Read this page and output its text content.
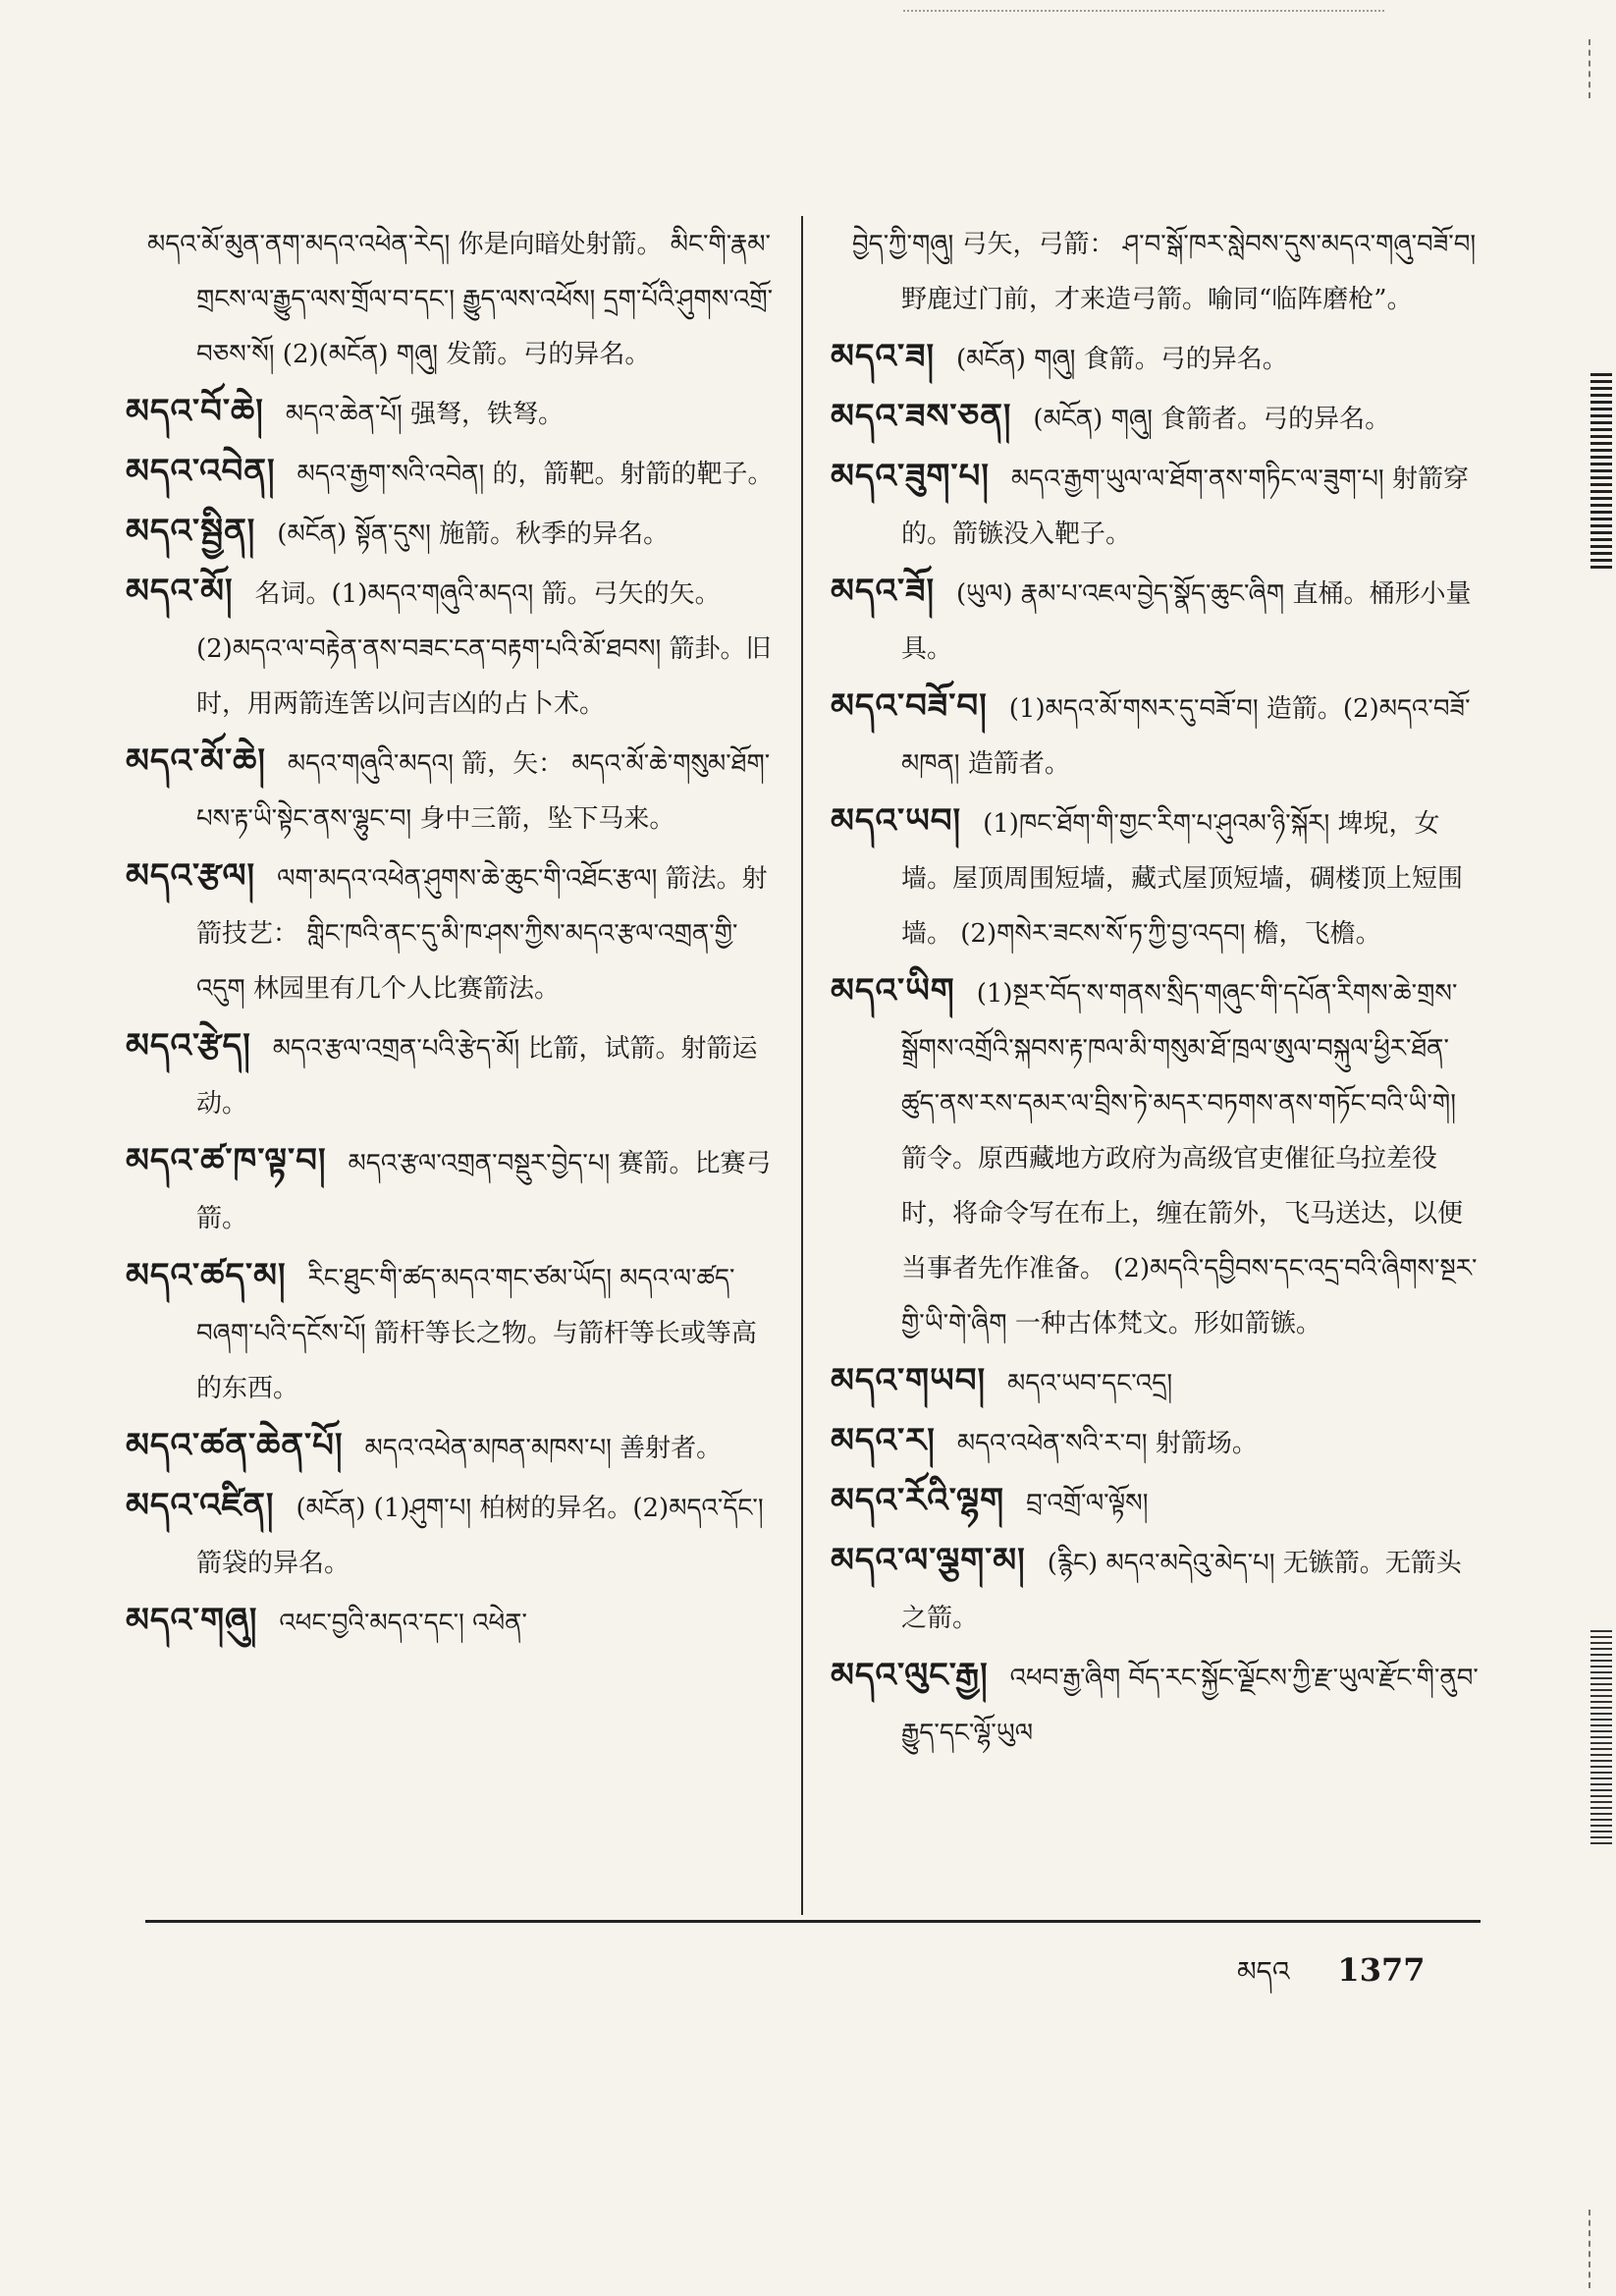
མདའ་མོ་མུན་ནག་མདའ་འཕེན་རེད། 你是向暗处射箭。 མིང་གི་རྣམ་གྲངས་ལ་རྒྱུད་ལས་གྲོལ་བ་དང་། རྒྱུད་ལས་འཕོས། དྲག་པོའི་ཤུགས་འགྲོ་བཅས་སོ། (2)(མངོན) གཞུ། 发箭。弓的异名。

མདའ་བོ་ཆེ། མདའ་ཆེན་པོ། 强弩，铁弩。

མདའ་འབེན། མདའ་རྒྱག་སའི་འབེན། 的，箭靶。射箭的靶子。

མདའ་སྦྱིན། (མངོན) སྟོན་དུས། 施箭。秋季的异名。

མདའ་མོ། 名词。(1)མདའ་གཞུའི་མདའ། 箭。弓矢的矢。 (2)མདའ་ལ་བརྟེན་ནས་བཟང་ངན་བརྟག་པའི་མོ་ཐབས། 箭卦。旧时，用两箭连筈以问吉凶的占卜术。

མདའ་མོ་ཆེ། མདའ་གཞུའི་མདའ། 箭，矢： མདའ་མོ་ཆེ་གསུམ་ཐོག་པས་རྟ་ཡི་སྟེང་ནས་ལྷུང་བ། 身中三箭，坠下马来。

མདའ་རྩལ། ལག་མདའ་འཕེན་ཤུགས་ཆེ་ཆུང་གི་འཐོང་རྩལ། 箭法。射箭技艺： གླིང་ཁའི་ནང་དུ་མི་ཁ་ཤས་ཀྱིས་མདའ་རྩལ་འགྲན་གྱི་འདུག 林园里有几个人比赛箭法。

མདའ་རྩེད། མདའ་རྩལ་འགྲན་པའི་རྩེད་མོ། 比箭，试箭。射箭运动。

མདའ་ཚ་ཁ་ལྟ་བ། མདའ་རྩལ་འགྲན་བསྡུར་བྱེད་པ། 赛箭。比赛弓箭。

མདའ་ཚད་མ། རིང་ཐུང་གི་ཚད་མདའ་གང་ཙམ་ཡོད། མདའ་ལ་ཚད་བཞག་པའི་དངོས་པོ། 箭杆等长之物。与箭杆等长或等高的东西。

མདའ་ཚན་ཆེན་པོ། མདའ་འཕེན་མཁན་མཁས་པ། 善射者。

མདའ་འཛིན། (མངོན) (1)ཤུག་པ། 柏树的异名。(2)མདའ་དོང་། 箭袋的异名。

མདའ་གཞུ། འཕང་བྱའི་མདའ་དང་། འཕེན་

བྱེད་ཀྱི་གཞུ། 弓矢，弓箭： ཤ་བ་སྒོ་ཁར་སླེབས་དུས་མདའ་གཞུ་བཟོ་བ། 野鹿过门前，才来造弓箭。喻同“临阵磨枪”。

མདའ་ཟ། (མངོན) གཞུ། 食箭。弓的异名。

མདའ་ཟས་ཅན། (མངོན) གཞུ། 食箭者。弓的异名。

མདའ་ཟུག་པ། མདའ་རྒྱག་ཡུལ་ལ་ཐོག་ནས་གཏིང་ལ་ཟུག་པ། 射箭穿的。箭镞没入靶子。

མདའ་ཟོ། (ཡུལ) རྣམ་པ་འཇལ་བྱེད་སྣོད་ཆུང་ཞིག 直桶。桶形小量具。

མདའ་བཟོ་བ། (1)མདའ་མོ་གསར་དུ་བཟོ་བ། 造箭。(2)མདའ་བཟོ་མཁན། 造箭者。

མདའ་ཡབ། (1)ཁང་ཐོག་གི་གྱང་རིག་པ་ཤུའམ་ཉི་སྐོར། 埤堄，女墙。屋顶周围短墙，藏式屋顶短墙，碉楼顶上短围墙。 (2)གསེར་ཟངས་སོ་ཏ་ཀྱི་བྱ་འདབ། 檐，飞檐。

མདའ་ཡིག (1)སྔར་བོད་ས་གནས་སྲིད་གཞུང་གི་དཔོན་རིགས་ཆེ་གྲས་སྒྲོགས་འགྲོའི་སྐབས་རྟ་ཁལ་མི་གསུམ་ཐོ་ཁྲལ་ཨུལ་བསྐུལ་ཕྱིར་ཐོན་ཚུད་ནས་རས་དམར་ལ་བྲིས་ཏེ་མདར་བཏགས་ནས་གཏོང་བའི་ཡི་གེ། 箭令。原西藏地方政府为高级官吏催征乌拉差役时，将命令写在布上，缠在箭外，飞马送达，以便当事者先作准备。 (2)མདའི་དབྱིབས་དང་འདྲ་བའི་ཞིགས་སྔར་གྱི་ཡི་གེ་ཞིག 一种古体梵文。形如箭镞。

མདའ་གཡབ། མདའ་ཡབ་དང་འདྲ།

མདའ་ར། མདའ་འཕེན་སའི་ར་བ། 射箭场。

མདའ་རོའི་ལྷག བྲ་འགྲོ་ལ་ལྟོས།

མདའ་ལ་ལྕག་མ། (རྙིང) མདའ་མདེའུ་མེད་པ། 无镞箭。无箭头之箭。

མདའ་ལུང་རྒྱ། འཕབ་རྒྱ་ཞིག བོད་རང་སྐྱོང་ལྗོངས་ཀྱི་རྫ་ཡུལ་རྫོང་གི་ནུབ་རྒྱུད་དང་ལྷོ་ཡུལ

མདའ 1377
